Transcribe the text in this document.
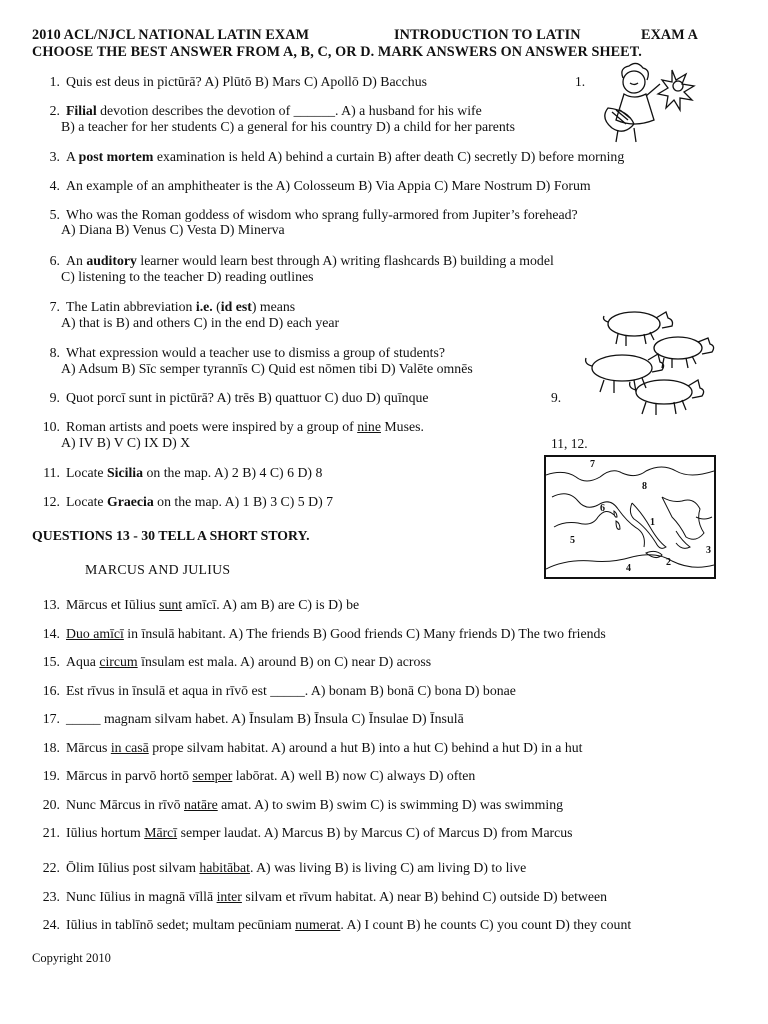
2010 ACL/NJCL NATIONAL LATIN EXAM	INTRODUCTION TO LATIN	EXAM A
CHOOSE THE BEST ANSWER FROM A, B, C, OR D. MARK ANSWERS ON ANSWER SHEET.
1. Quis est deus in pictūrā? A) Plūtō B) Mars C) Apollō D) Bacchus
2. Filial devotion describes the devotion of ______. A) a husband for his wife
B) a teacher for her students C) a general for his country D) a child for her parents
3. A post mortem examination is held A) behind a curtain B) after death C) secretly D) before morning
4. An example of an amphitheater is the A) Colosseum B) Via Appia C) Mare Nostrum D) Forum
5. Who was the Roman goddess of wisdom who sprang fully-armored from Jupiter’s forehead?
A) Diana B) Venus C) Vesta D) Minerva
6. An auditory learner would learn best through A) writing flashcards B) building a model
C) listening to the teacher D) reading outlines
7. The Latin abbreviation i.e. (id est) means
A) that is B) and others C) in the end D) each year
8. What expression would a teacher use to dismiss a group of students?
A) Adsum B) Sīc semper tyrannīs C) Quid est nōmen tibi D) Valēte omnēs
9. Quot porcī sunt in pictūrā? A) trēs B) quattuor C) duo D) quīnque
10. Roman artists and poets were inspired by a group of nine Muses.
A) IV B) V C) IX D) X
11. Locate Sicilia on the map. A) 2 B) 4 C) 6 D) 8
12. Locate Graecia on the map. A) 1 B) 3 C) 5 D) 7
1.
9.
11, 12.
7
8
6
1
5
3
2
4
QUESTIONS 13 - 30 TELL A SHORT STORY.
MARCUS AND JULIUS
13. Mārcus et Iūlius sunt amīcī. A) am B) are C) is D) be
14. Duo amīcī in īnsulā habitant. A) The friends B) Good friends C) Many friends D) The two friends
15. Aqua circum īnsulam est mala. A) around B) on C) near D) across
16. Est rīvus in īnsulā et aqua in rīvō est _____. A) bonam B) bonā C) bona D) bonae
17. _____ magnam silvam habet. A) Īnsulam B) Īnsula C) Īnsulae D) Īnsulā
18. Mārcus in casā prope silvam habitat. A) around a hut B) into a hut C) behind a hut D) in a hut
19. Mārcus in parvō hortō semper labōrat. A) well B) now C) always D) often
20. Nunc Mārcus in rīvō natāre amat. A) to swim B) swim C) is swimming D) was swimming
21. Iūlius hortum Mārcī semper laudat. A) Marcus B) by Marcus C) of Marcus D) from Marcus
22. Ōlim Iūlius post silvam habitābat. A) was living B) is living C) am living D) to live
23. Nunc Iūlius in magnā vīllā inter silvam et rīvum habitat. A) near B) behind C) outside D) between
24. Iūlius in tablīnō sedet; multam pecūniam numerat. A) I count B) he counts C) you count D) they count
Copyright 2010
